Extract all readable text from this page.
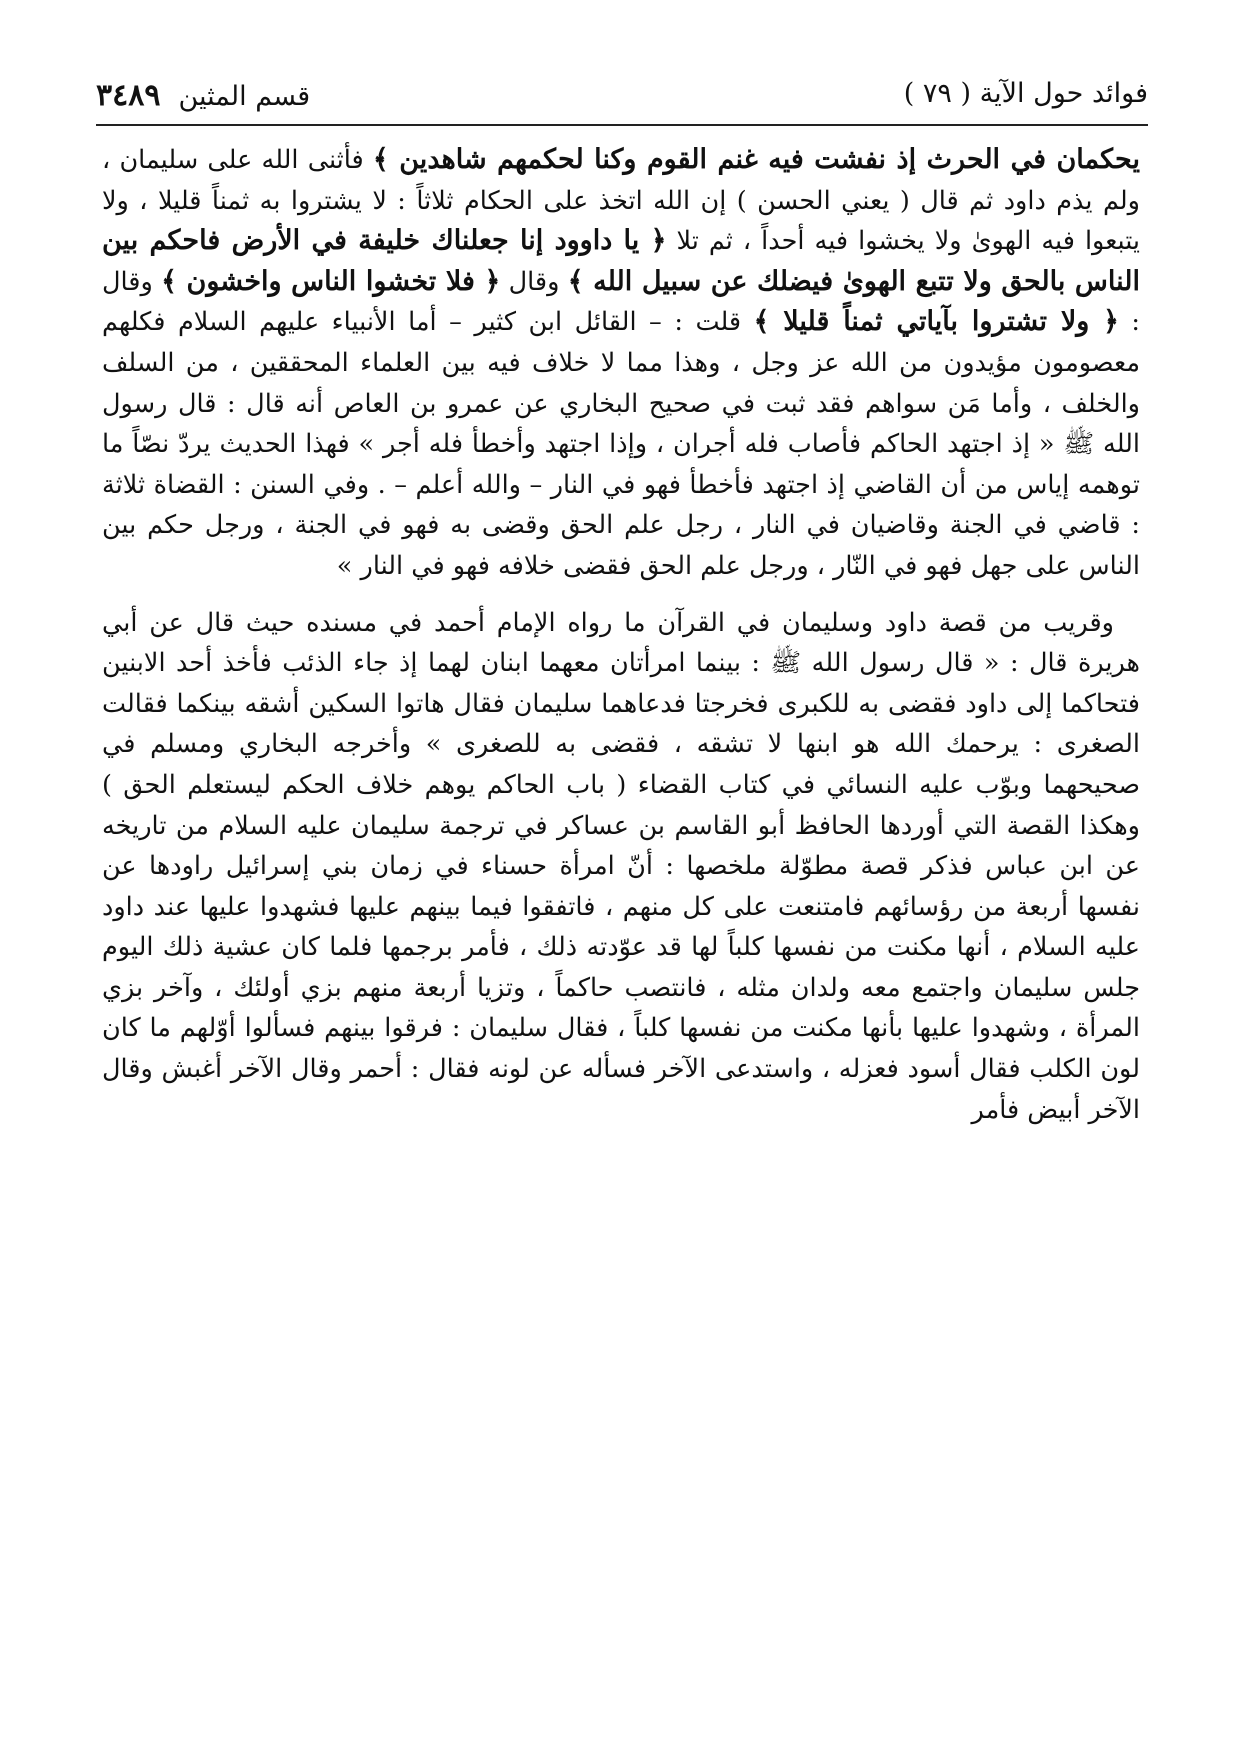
فوائد حول الآية ( ٧٩ )
قسم المثين٣٤٨٩

يحكمان في الحرث إذ نفشت فيه غنم القوم وكنا لحكمهم شاهدين ﴾ فأثنى الله على سليمان ، ولم يذم داود ثم قال ( يعني الحسن ) إن الله اتخذ على الحكام ثلاثاً : لا يشتروا به ثمناً قليلا ، ولا يتبعوا فيه الهوىٰ ولا يخشوا فيه أحداً ، ثم تلا ﴿ يا داوود إنا جعلناك خليفة في الأرض فاحكم بين الناس بالحق ولا تتبع الهوىٰ فيضلك عن سبيل الله ﴾ وقال ﴿ فلا تخشوا الناس واخشون ﴾ وقال : ﴿ ولا تشتروا بآياتي ثمناً قليلا ﴾ قلت : – القائل ابن كثير – أما الأنبياء عليهم السلام فكلهم معصومون مؤيدون من الله عز وجل ، وهذا مما لا خلاف فيه بين العلماء المحققين ، من السلف والخلف ، وأما مَن سواهم فقد ثبت في صحيح البخاري عن عمرو بن العاص أنه قال : قال رسول الله ﷺ « إذ اجتهد الحاكم فأصاب فله أجران ، وإذا اجتهد وأخطأ فله أجر » فهذا الحديث يردّ نصّاً ما توهمه إياس من أن القاضي إذ اجتهد فأخطأ فهو في النار – والله أعلم – . وفي السنن : القضاة ثلاثة : قاضي في الجنة وقاضيان في النار ، رجل علم الحق وقضى به فهو في الجنة ، ورجل حكم بين الناس على جهل فهو في النّار ، ورجل علم الحق فقضى خلافه فهو في النار »

وقريب من قصة داود وسليمان في القرآن ما رواه الإمام أحمد في مسنده حيث قال عن أبي هريرة قال : « قال رسول الله ﷺ : بينما امرأتان معهما ابنان لهما إذ جاء الذئب فأخذ أحد الابنين فتحاكما إلى داود فقضى به للكبرى فخرجتا فدعاهما سليمان فقال هاتوا السكين أشقه بينكما فقالت الصغرى : يرحمك الله هو ابنها لا تشقه ، فقضى به للصغرى » وأخرجه البخاري ومسلم في صحيحهما وبوّب عليه النسائي في كتاب القضاء ( باب الحاكم يوهم خلاف الحكم ليستعلم الحق ) وهكذا القصة التي أوردها الحافظ أبو القاسم بن عساكر في ترجمة سليمان عليه السلام من تاريخه عن ابن عباس فذكر قصة مطوّلة ملخصها : أنّ امرأة حسناء في زمان بني إسرائيل راودها عن نفسها أربعة من رؤسائهم فامتنعت على كل منهم ، فاتفقوا فيما بينهم عليها فشهدوا عليها عند داود عليه السلام ، أنها مكنت من نفسها كلباً لها قد عوّدته ذلك ، فأمر برجمها فلما كان عشية ذلك اليوم جلس سليمان واجتمع معه ولدان مثله ، فانتصب حاكماً ، وتزيا أربعة منهم بزي أولئك ، وآخر بزي المرأة ، وشهدوا عليها بأنها مكنت من نفسها كلباً ، فقال سليمان : فرقوا بينهم فسألوا أوّلهم ما كان لون الكلب فقال أسود فعزله ، واستدعى الآخر فسأله عن لونه فقال : أحمر وقال الآخر أغبش وقال الآخر أبيض فأمر
